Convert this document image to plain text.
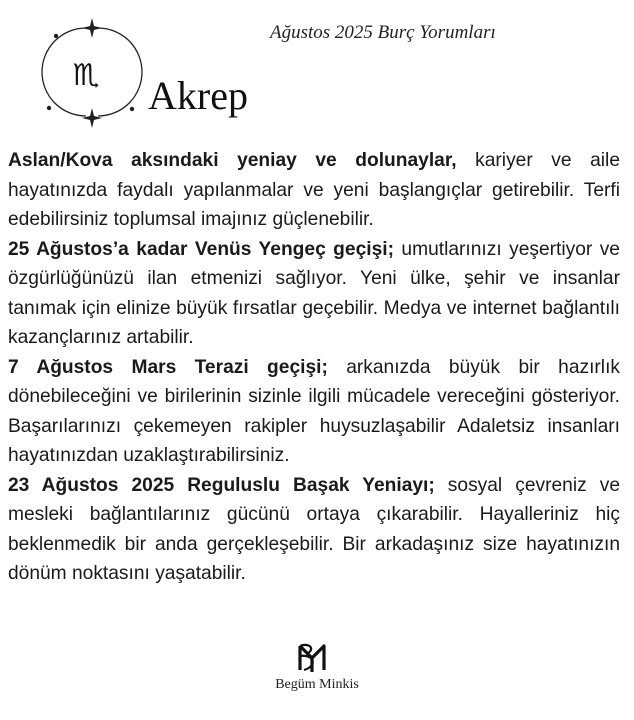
Ağustos 2025 Burç Yorumları
♏ Akrep

Aslan/Kova aksındaki yeniay ve dolunaylar, kariyer ve aile hayatınızda faydalı yapılanmalar ve yeni başlangıçlar getirebilir. Terfi edebilirsiniz toplumsal imajınız güçlenebilir.

25 Ağustos’a kadar Venüs Yengeç geçişi; umutlarınızı yeşertiyor ve özgürlüğünüzü ilan etmenizi sağlıyor. Yeni ülke, şehir ve insanlar tanımak için elinize büyük fırsatlar geçebilir. Medya ve internet bağlantılı kazançlarınız artabilir.

7 Ağustos Mars Terazi geçişi; arkanızda büyük bir hazırlık dönebileceğini ve birilerinin sizinle ilgili mücadele vereceğini gösteriyor. Başarılarınızı çekemeyen rakipler huysuzlaşabilir Adaletsiz insanları hayatınızdan uzaklaştırabilirsiniz.

23 Ağustos 2025 Reguluslu Başak Yeniayı; sosyal çevreniz ve mesleki bağlantılarınız gücünü ortaya çıkarabilir. Hayalleriniz hiç beklenmedik bir anda gerçekleşebilir. Bir arkadaşınız size hayatınızın dönüm noktasını yaşatabilir.

Begüm Minkis
